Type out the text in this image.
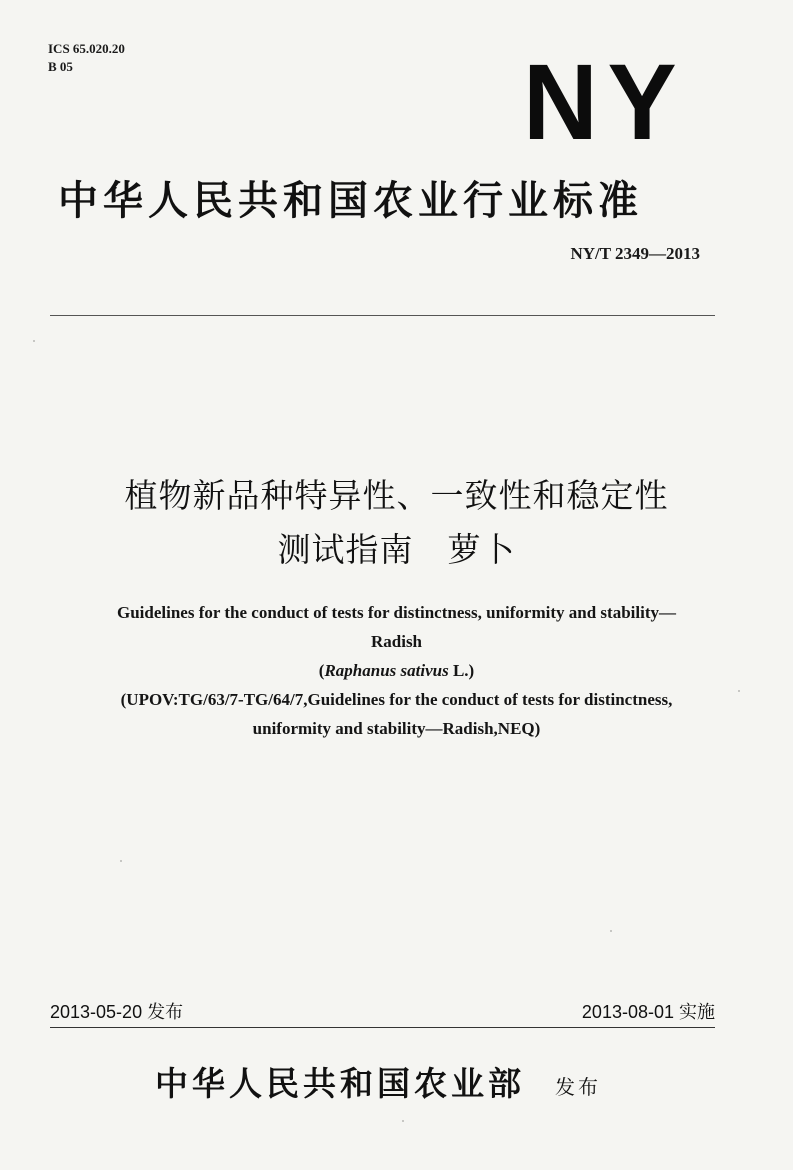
ICS 65.020.20
B 05	NY
中华人民共和国农业行业标准
NY/T 2349—2013
植物新品种特异性、一致性和稳定性
测试指南　萝卜
Guidelines for the conduct of tests for distinctness, uniformity and stability—
Radish
(Raphanus sativus L.)
(UPOV:TG/63/7-TG/64/7,Guidelines for the conduct of tests for distinctness,
uniformity and stability—Radish,NEQ)
2013-05-20 发布	2013-08-01 实施
中华人民共和国农业部 发布
